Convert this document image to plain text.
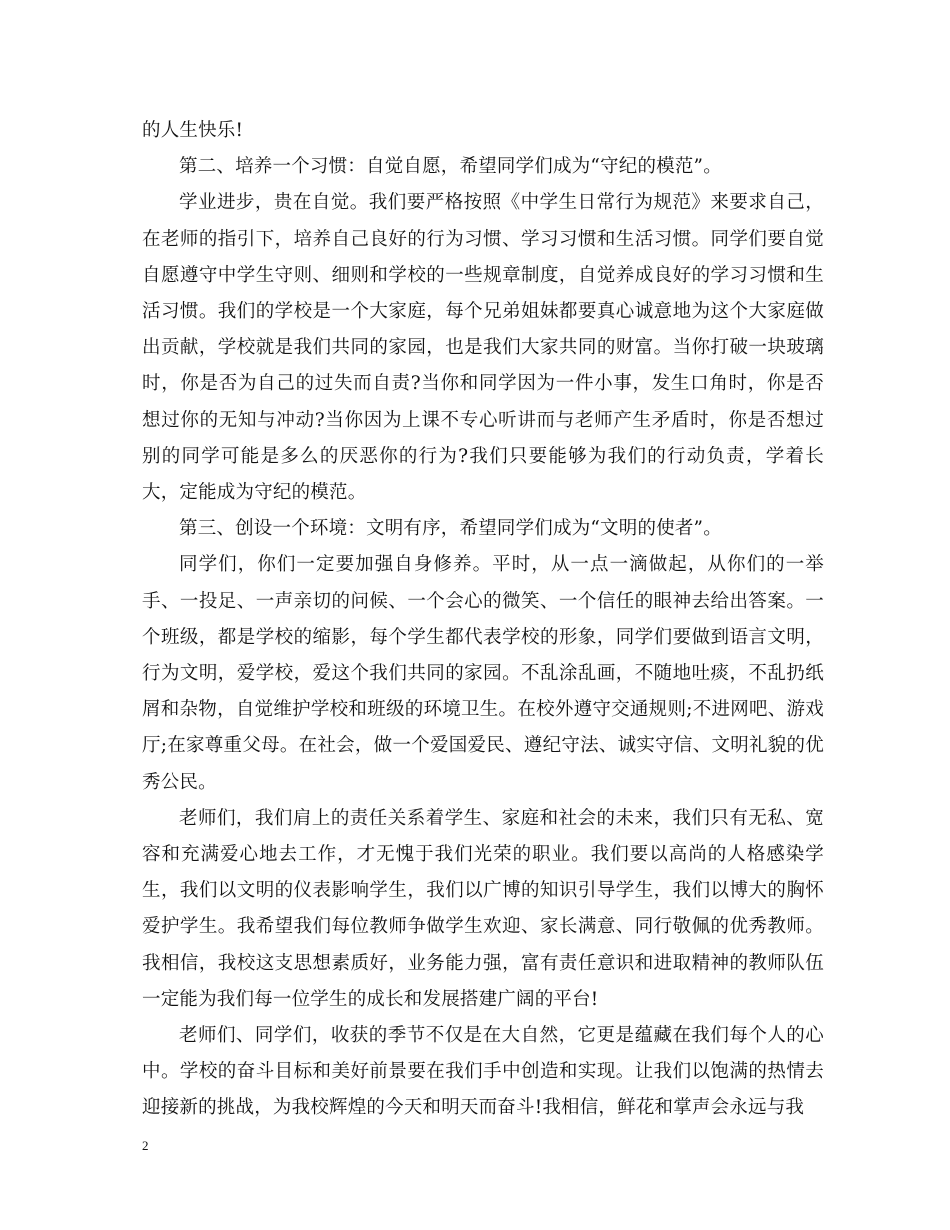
的人生快乐!

第二、培养一个习惯：自觉自愿，希望同学们成为“守纪的模范”。

学业进步，贵在自觉。我们要严格按照《中学生日常行为规范》来要求自己，在老师的指引下，培养自己良好的行为习惯、学习习惯和生活习惯。同学们要自觉自愿遵守中学生守则、细则和学校的一些规章制度，自觉养成良好的学习习惯和生活习惯。我们的学校是一个大家庭，每个兄弟姐妹都要真心诚意地为这个大家庭做出贡献，学校就是我们共同的家园，也是我们大家共同的财富。当你打破一块玻璃时，你是否为自己的过失而自责?当你和同学因为一件小事，发生口角时，你是否想过你的无知与冲动?当你因为上课不专心听讲而与老师产生矛盾时，你是否想过别的同学可能是多么的厌恶你的行为?我们只要能够为我们的行动负责，学着长大，定能成为守纪的模范。

第三、创设一个环境：文明有序，希望同学们成为“文明的使者”。

同学们，你们一定要加强自身修养。平时，从一点一滴做起，从你们的一举手、一投足、一声亲切的问候、一个会心的微笑、一个信任的眼神去给出答案。一个班级，都是学校的缩影，每个学生都代表学校的形象，同学们要做到语言文明，行为文明，爱学校，爱这个我们共同的家园。不乱涂乱画，不随地吐痰，不乱扔纸屑和杂物，自觉维护学校和班级的环境卫生。在校外遵守交通规则;不进网吧、游戏厅;在家尊重父母。在社会，做一个爱国爱民、遵纪守法、诚实守信、文明礼貌的优秀公民。

老师们，我们肩上的责任关系着学生、家庭和社会的未来，我们只有无私、宽容和充满爱心地去工作，才无愧于我们光荣的职业。我们要以高尚的人格感染学生，我们以文明的仪表影响学生，我们以广博的知识引导学生，我们以博大的胸怀爱护学生。我希望我们每位教师争做学生欢迎、家长满意、同行敬佩的优秀教师。我相信，我校这支思想素质好，业务能力强，富有责任意识和进取精神的教师队伍一定能为我们每一位学生的成长和发展搭建广阔的平台!

老师们、同学们，收获的季节不仅是在大自然，它更是蕴藏在我们每个人的心中。学校的奋斗目标和美好前景要在我们手中创造和实现。让我们以饱满的热情去迎接新的挑战，为我校辉煌的今天和明天而奋斗!我相信，鲜花和掌声会永远与我

2
